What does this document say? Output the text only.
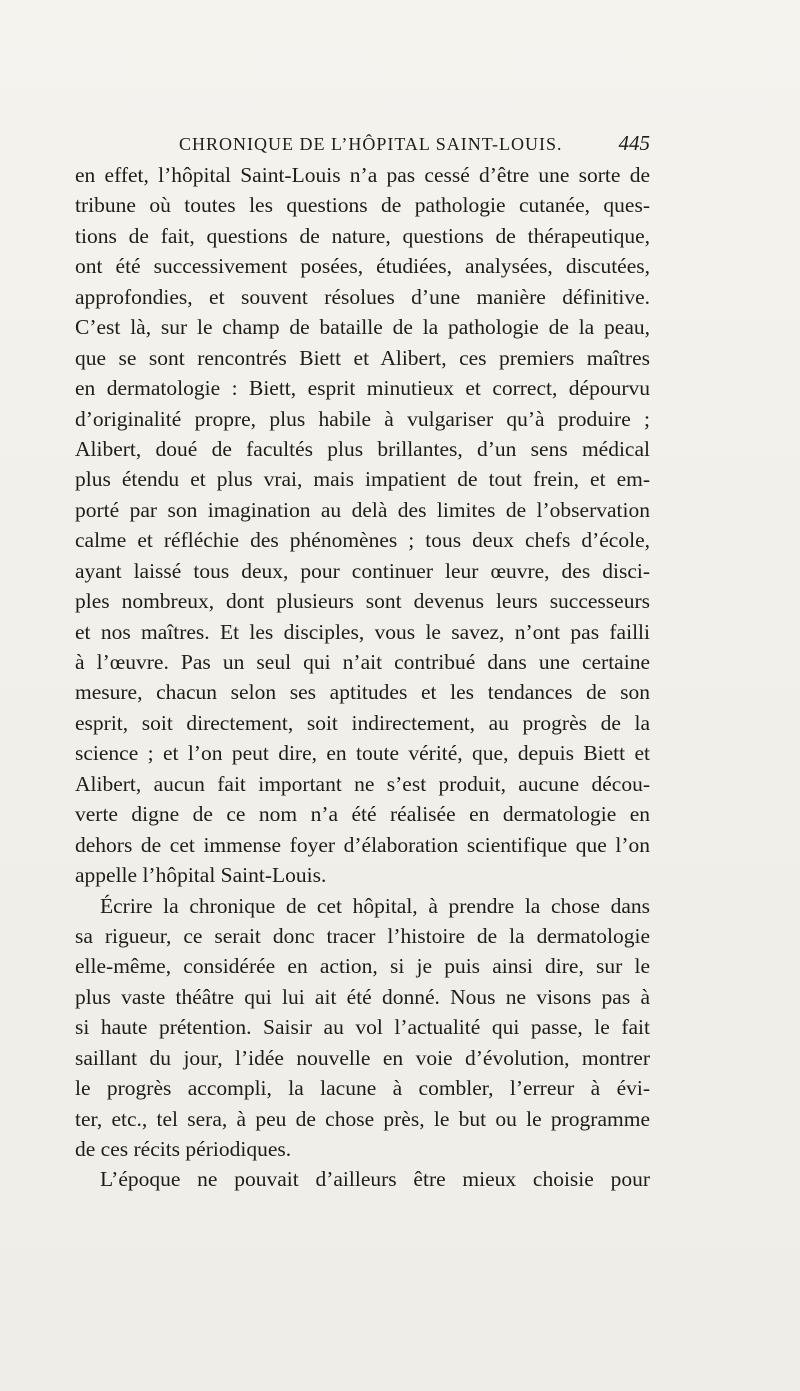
CHRONIQUE DE L’HÔPITAL SAINT-LOUIS.	445
en effet, l’hôpital Saint-Louis n’a pas cessé d’être une sorte de
tribune où toutes les questions de pathologie cutanée, ques-
tions de fait, questions de nature, questions de thérapeutique,
ont été successivement posées, étudiées, analysées, discutées,
approfondies, et souvent résolues d’une manière définitive.
C’est là, sur le champ de bataille de la pathologie de la peau,
que se sont rencontrés Biett et Alibert, ces premiers maîtres
en dermatologie : Biett, esprit minutieux et correct, dépourvu
d’originalité propre, plus habile à vulgariser qu’à produire ;
Alibert, doué de facultés plus brillantes, d’un sens médical
plus étendu et plus vrai, mais impatient de tout frein, et em-
porté par son imagination au delà des limites de l’observation
calme et réfléchie des phénomènes ; tous deux chefs d’école,
ayant laissé tous deux, pour continuer leur œuvre, des disci-
ples nombreux, dont plusieurs sont devenus leurs successeurs
et nos maîtres. Et les disciples, vous le savez, n’ont pas failli
à l’œuvre. Pas un seul qui n’ait contribué dans une certaine
mesure, chacun selon ses aptitudes et les tendances de son
esprit, soit directement, soit indirectement, au progrès de la
science ; et l’on peut dire, en toute vérité, que, depuis Biett et
Alibert, aucun fait important ne s’est produit, aucune décou-
verte digne de ce nom n’a été réalisée en dermatologie en
dehors de cet immense foyer d’élaboration scientifique que l’on
appelle l’hôpital Saint-Louis.
Écrire la chronique de cet hôpital, à prendre la chose dans
sa rigueur, ce serait donc tracer l’histoire de la dermatologie
elle-même, considérée en action, si je puis ainsi dire, sur le
plus vaste théâtre qui lui ait été donné. Nous ne visons pas à
si haute prétention. Saisir au vol l’actualité qui passe, le fait
saillant du jour, l’idée nouvelle en voie d’évolution, montrer
le progrès accompli, la lacune à combler, l’erreur à évi-
ter, etc., tel sera, à peu de chose près, le but ou le programme
de ces récits périodiques.
L’époque ne pouvait d’ailleurs être mieux choisie pour
